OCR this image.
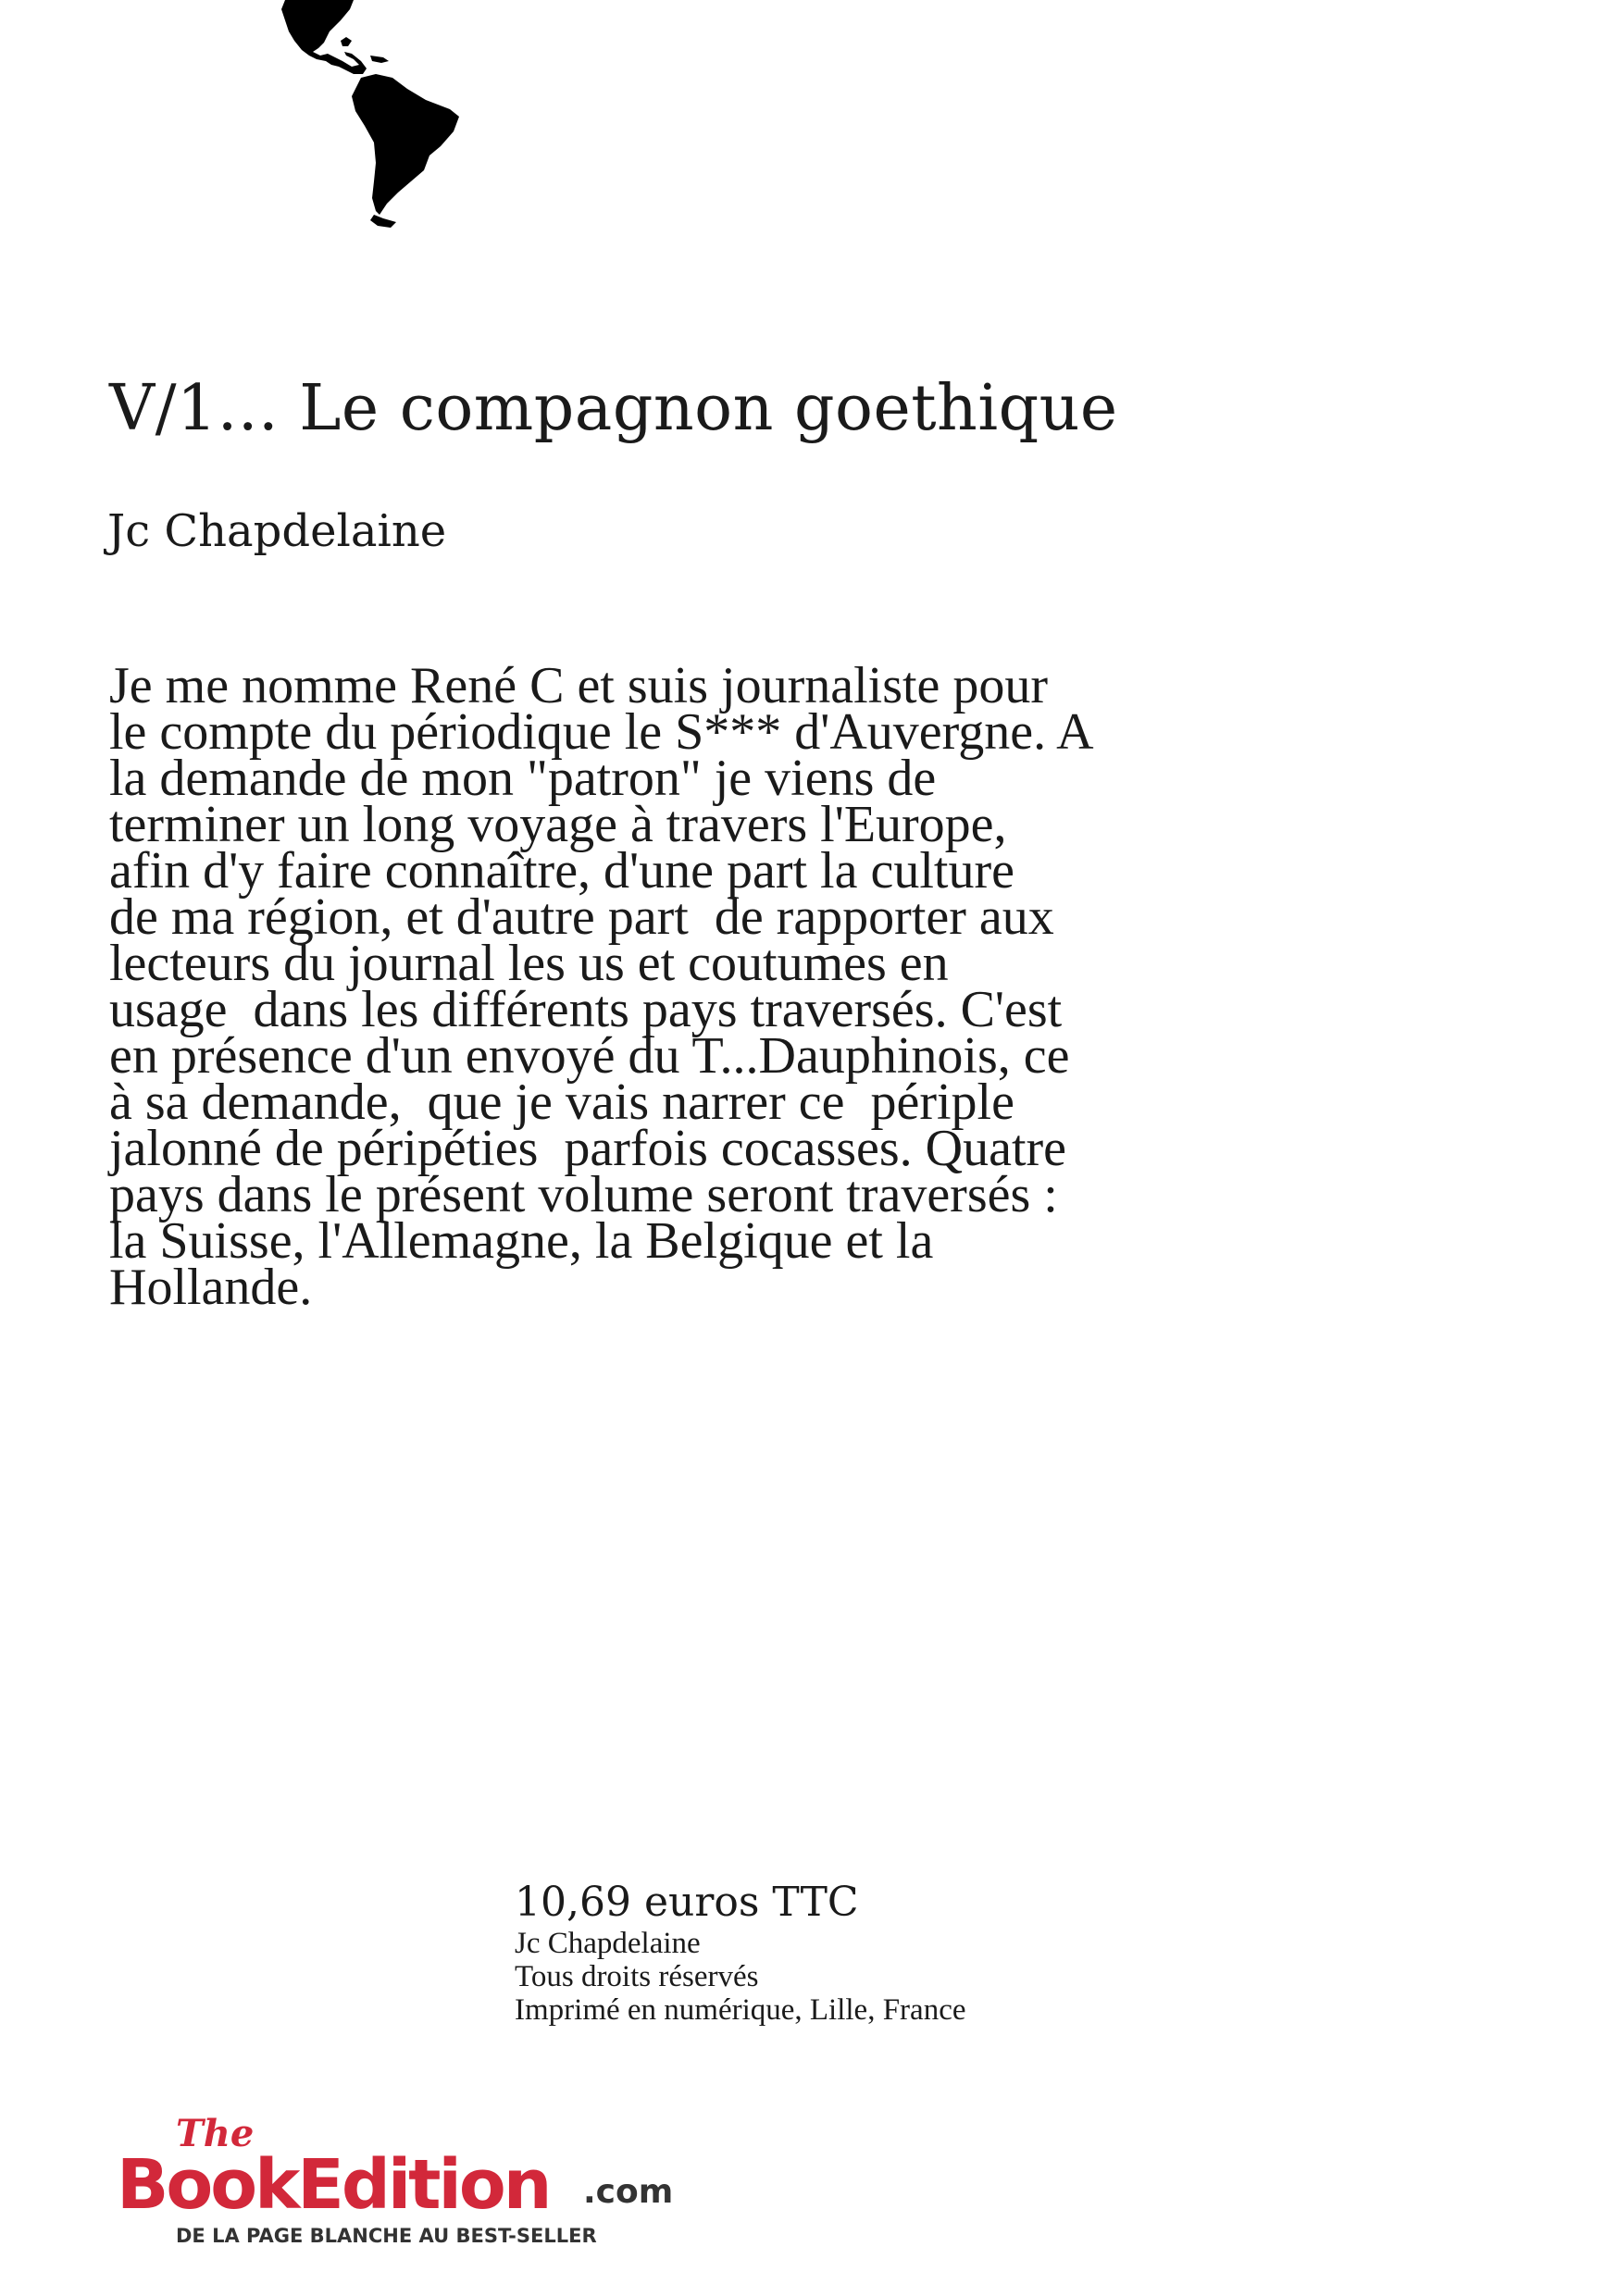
V/1... Le compagnon goethique

Jc Chapdelaine

Je me nomme René C et suis journaliste pour
le compte du périodique le S*** d'Auvergne. A
la demande de mon "patron" je viens de
terminer un long voyage à travers l'Europe,
afin d'y faire connaître, d'une part la culture
de ma région, et d'autre part  de rapporter aux
lecteurs du journal les us et coutumes en
usage  dans les différents pays traversés. C'est
en présence d'un envoyé du T...Dauphinois, ce
à sa demande,  que je vais narrer ce  périple
jalonné de péripéties  parfois cocasses. Quatre
pays dans le présent volume seront traversés :
la Suisse, l'Allemagne, la Belgique et la
Hollande.

10,69 euros TTC

Jc Chapdelaine

Tous droits réservés

Imprimé en numérique, Lille, France

The
BookEdition .com
DE LA PAGE BLANCHE AU BEST-SELLER
